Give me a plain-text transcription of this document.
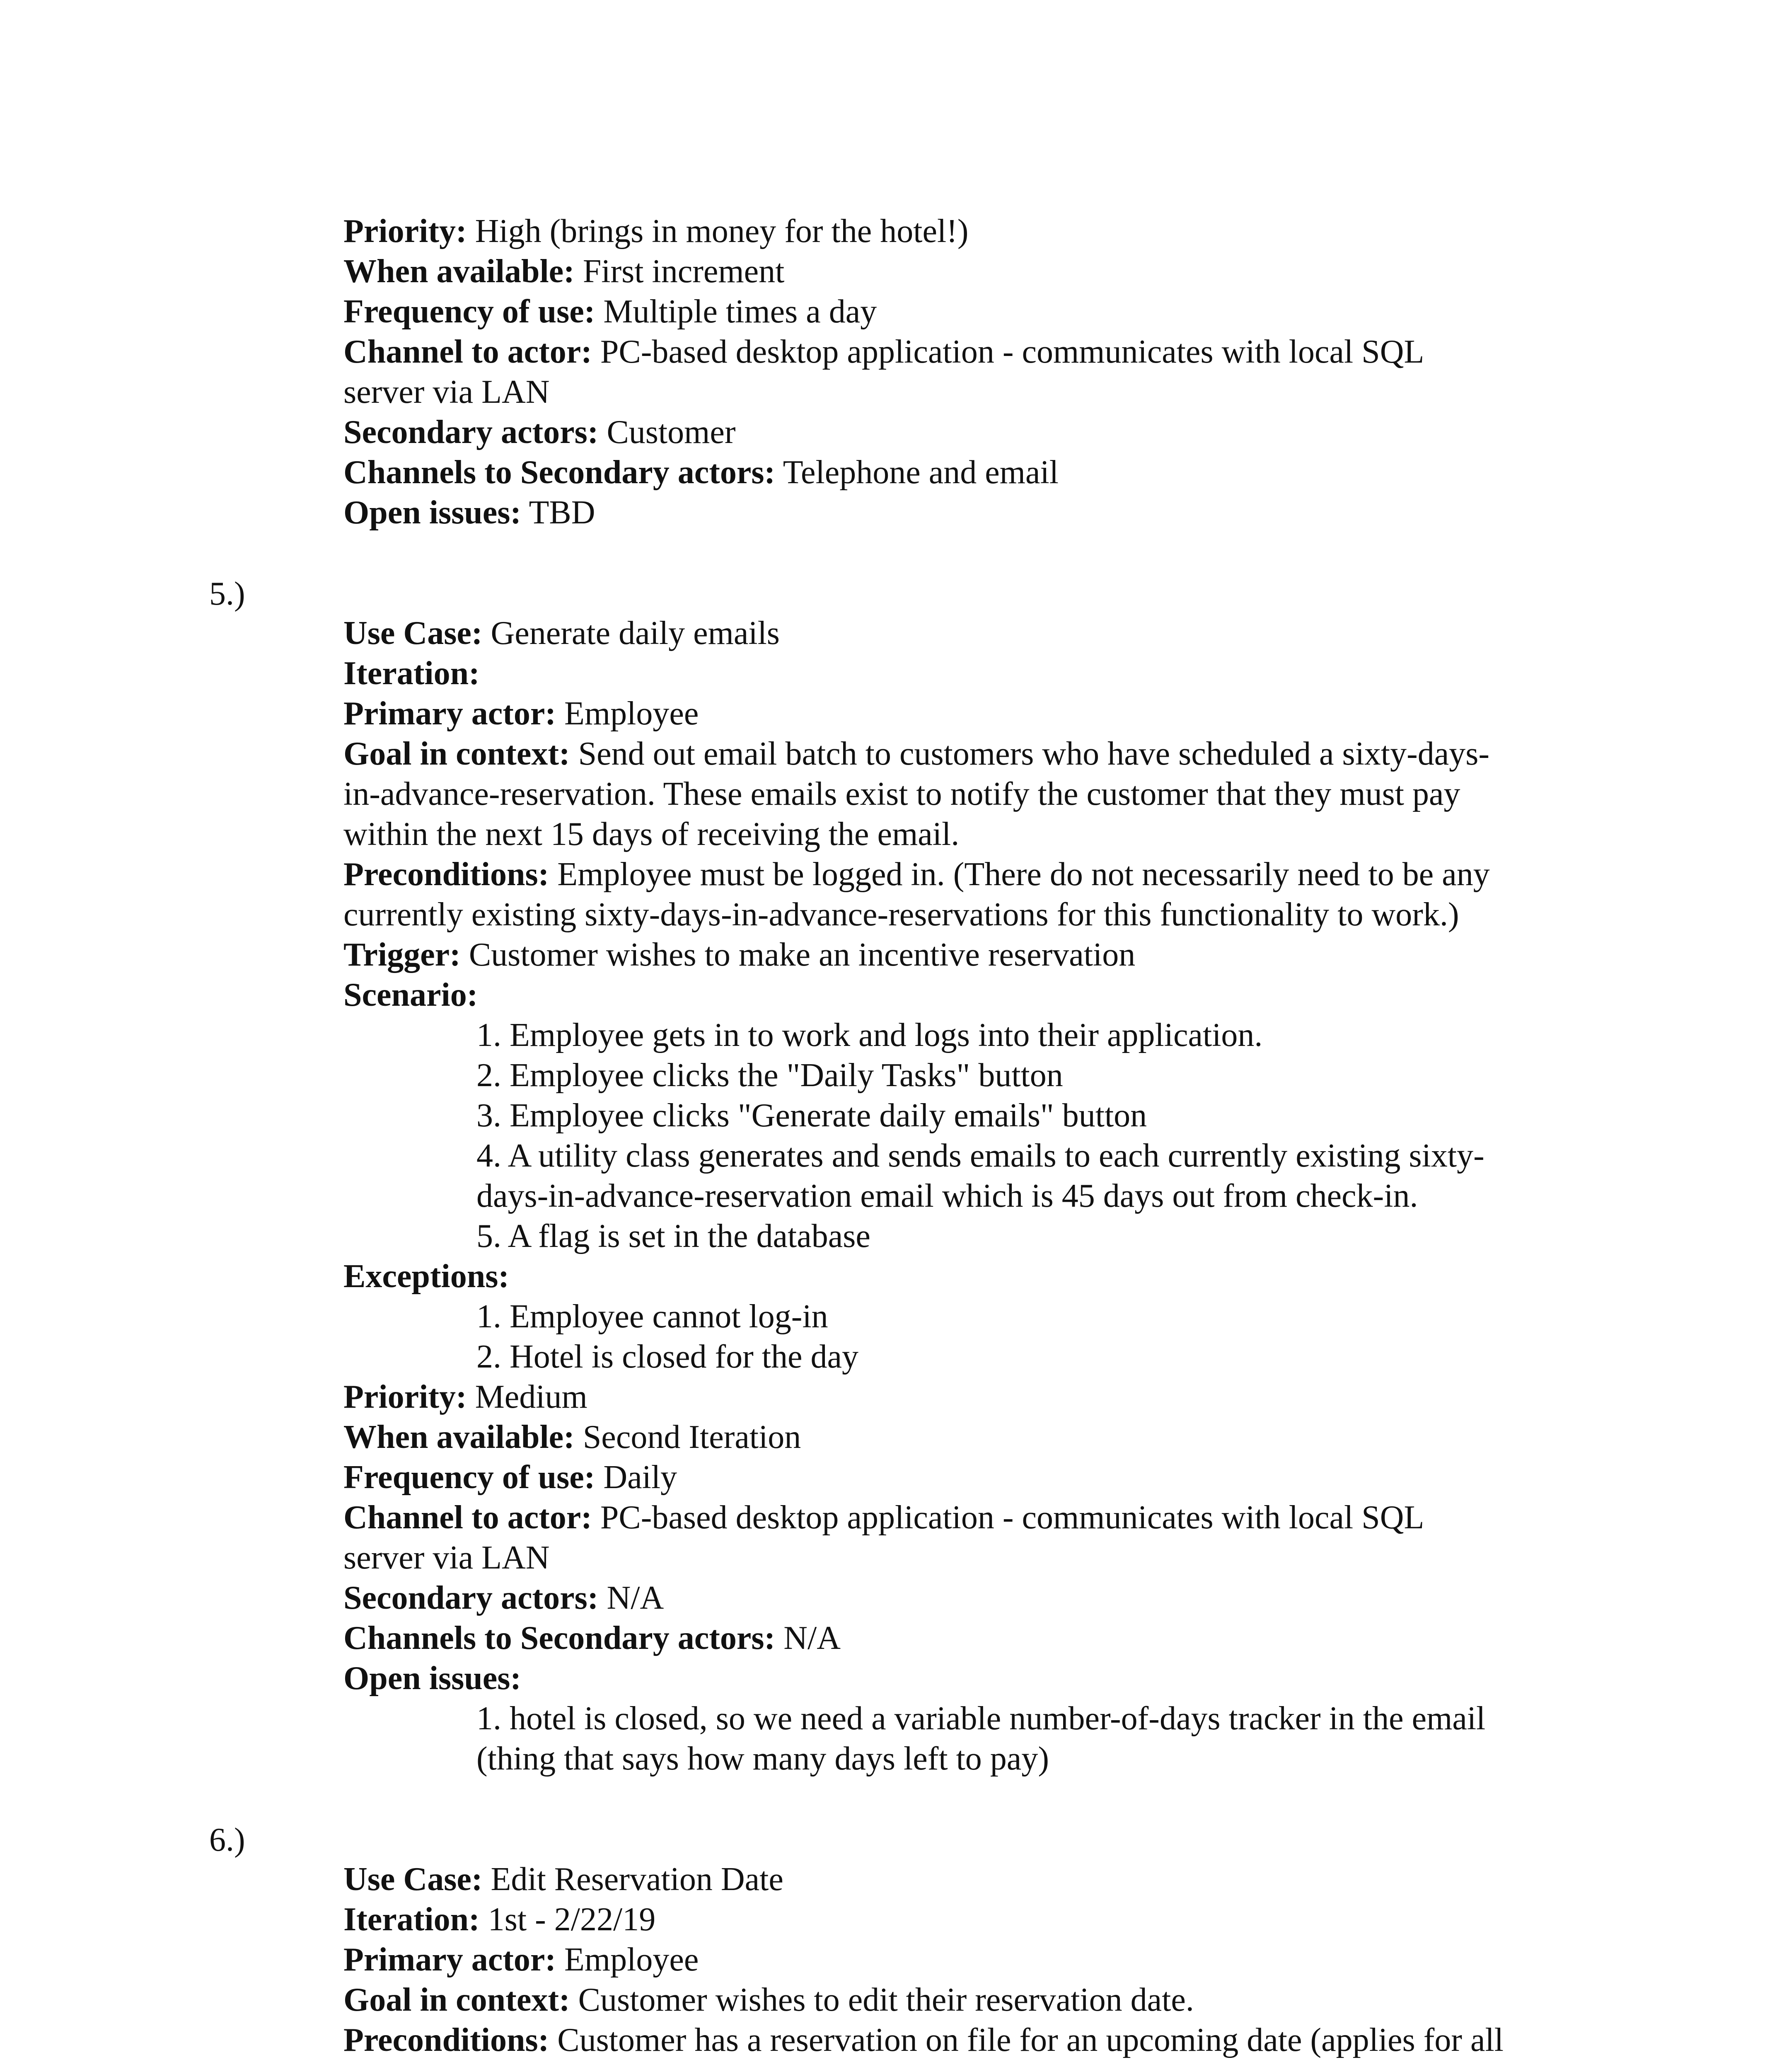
Priority: High (brings in money for the hotel!)
When available: First increment
Frequency of use: Multiple times a day
Channel to actor: PC-based desktop application - communicates with local SQL
server via LAN
Secondary actors: Customer
Channels to Secondary actors: Telephone and email
Open issues: TBD
5.)
Use Case: Generate daily emails
Iteration:
Primary actor: Employee
Goal in context: Send out email batch to customers who have scheduled a sixty-days-
in-advance-reservation. These emails exist to notify the customer that they must pay
within the next 15 days of receiving the email.
Preconditions: Employee must be logged in. (There do not necessarily need to be any
currently existing sixty-days-in-advance-reservations for this functionality to work.)
Trigger: Customer wishes to make an incentive reservation
Scenario:
1. Employee gets in to work and logs into their application.
2. Employee clicks the "Daily Tasks" button
3. Employee clicks "Generate daily emails" button
4. A utility class generates and sends emails to each currently existing sixty-
days-in-advance-reservation email which is 45 days out from check-in.
5. A flag is set in the database
Exceptions:
1. Employee cannot log-in
2. Hotel is closed for the day
Priority: Medium
When available: Second Iteration
Frequency of use: Daily
Channel to actor: PC-based desktop application - communicates with local SQL
server via LAN
Secondary actors: N/A
Channels to Secondary actors: N/A
Open issues:
1. hotel is closed, so we need a variable number-of-days tracker in the email
(thing that says how many days left to pay)
6.)
Use Case: Edit Reservation Date
Iteration: 1st - 2/22/19
Primary actor: Employee
Goal in context: Customer wishes to edit their reservation date.
Preconditions: Customer has a reservation on file for an upcoming date (applies for all
